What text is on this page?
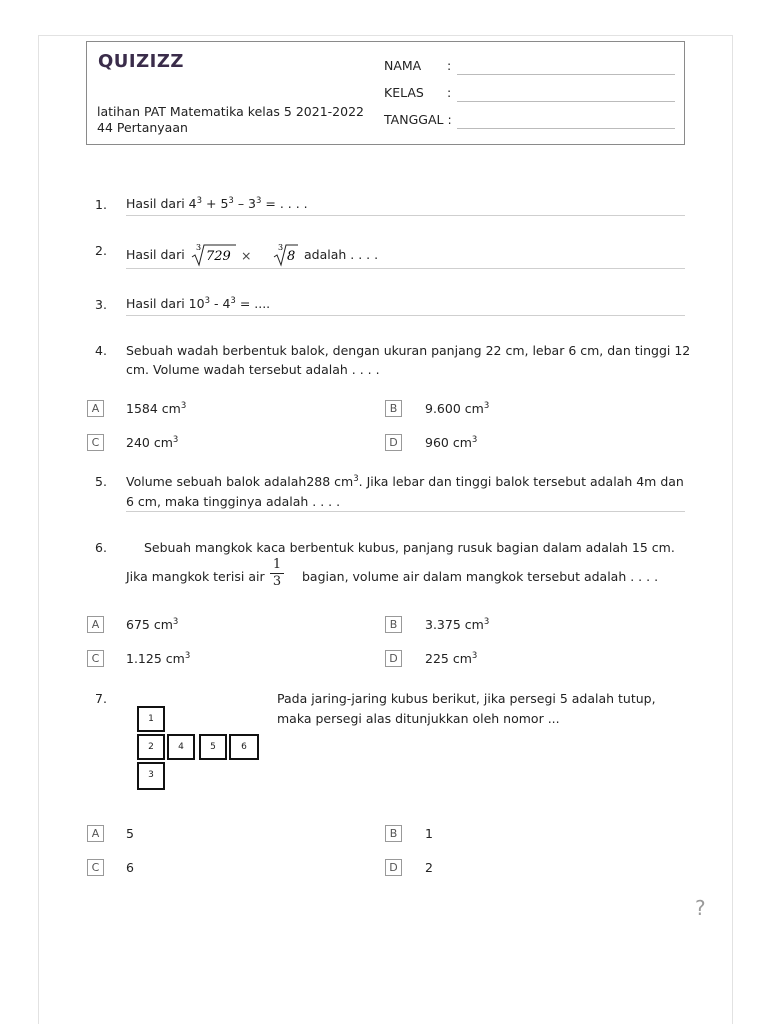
QUIZIZZ
latihan PAT Matematika kelas 5 2021-2022
44 Pertanyaan
NAMA :
KELAS :
TANGGAL :
1. Hasil dari $4^3 + 5^3 - 3^3$ = . . . .
2. Hasil dari 3
729 ×
3
8 adalah . . . .
3. Hasil dari $10^3 - 4^3$ = ....
4. Sebuah wadah berbentuk balok, dengan ukuran panjang 22 cm, lebar 6 cm, dan tinggi 12
cm. Volume wadah tersebut adalah . . . .
A	1584 $cm^3$	B	9.600 $cm^3$
C	240 $cm^3$	D	960 $cm^3$
5. Volume sebuah balok adalah288 $cm^3$. Jika lebar dan tinggi balok tersebut adalah 4m dan
6 cm, maka tingginya adalah . . . .
6.	Sebuah mangkok kaca berbentuk kubus, panjang rusuk bagian dalam adalah 15 cm.
Jika mangkok terisi air $\frac{1}{3}$ bagian, volume air dalam mangkok tersebut adalah . . . .
A	675 $cm^3$	B	3.375 $cm^3$
C	1.125 $cm^3$	D	225 $cm^3$
7.	Pada jaring-jaring kubus berikut, jika persegi 5 adalah tutup,
maka persegi alas ditunjukkan oleh nomor ...
1
2	4	5	6
3
A	5	B	1
C	6	D	2
?
